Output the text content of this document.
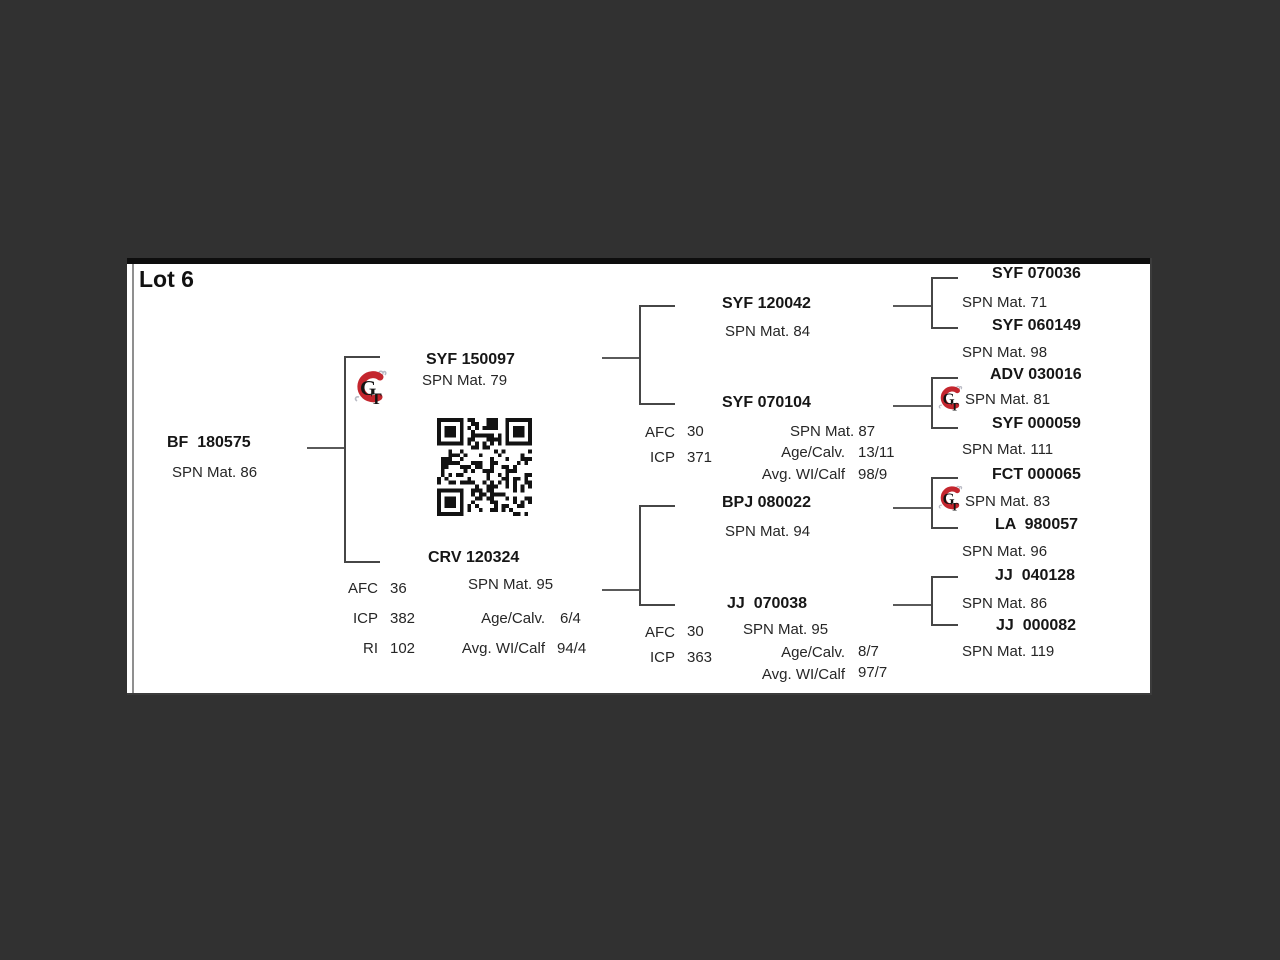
Lot 6
BF  180575
SPN Mat. 86
G
T
SYF 150097
SPN Mat. 79
CRV 120324
SPN Mat. 95
AFC 36
ICP 382
RI 102
Age/Calv. 6/4
Avg. WI/Calf 94/4
SYF 120042
SPN Mat. 84
SYF 070104
AFC 30
ICP 371
SPN Mat. 87
Age/Calv. 13/11
Avg. WI/Calf 98/9
BPJ 080022
SPN Mat. 94
JJ  070038
AFC 30
ICP 363
SPN Mat. 95
Age/Calv. 8/7
Avg. WI/Calf 97/7
G
T
G
T
SYF 070036
SPN Mat. 71
SYF 060149
SPN Mat. 98
ADV 030016
SPN Mat. 81
SYF 000059
SPN Mat. 111
FCT 000065
SPN Mat. 83
LA  980057
SPN Mat. 96
JJ  040128
SPN Mat. 86
JJ  000082
SPN Mat. 119
